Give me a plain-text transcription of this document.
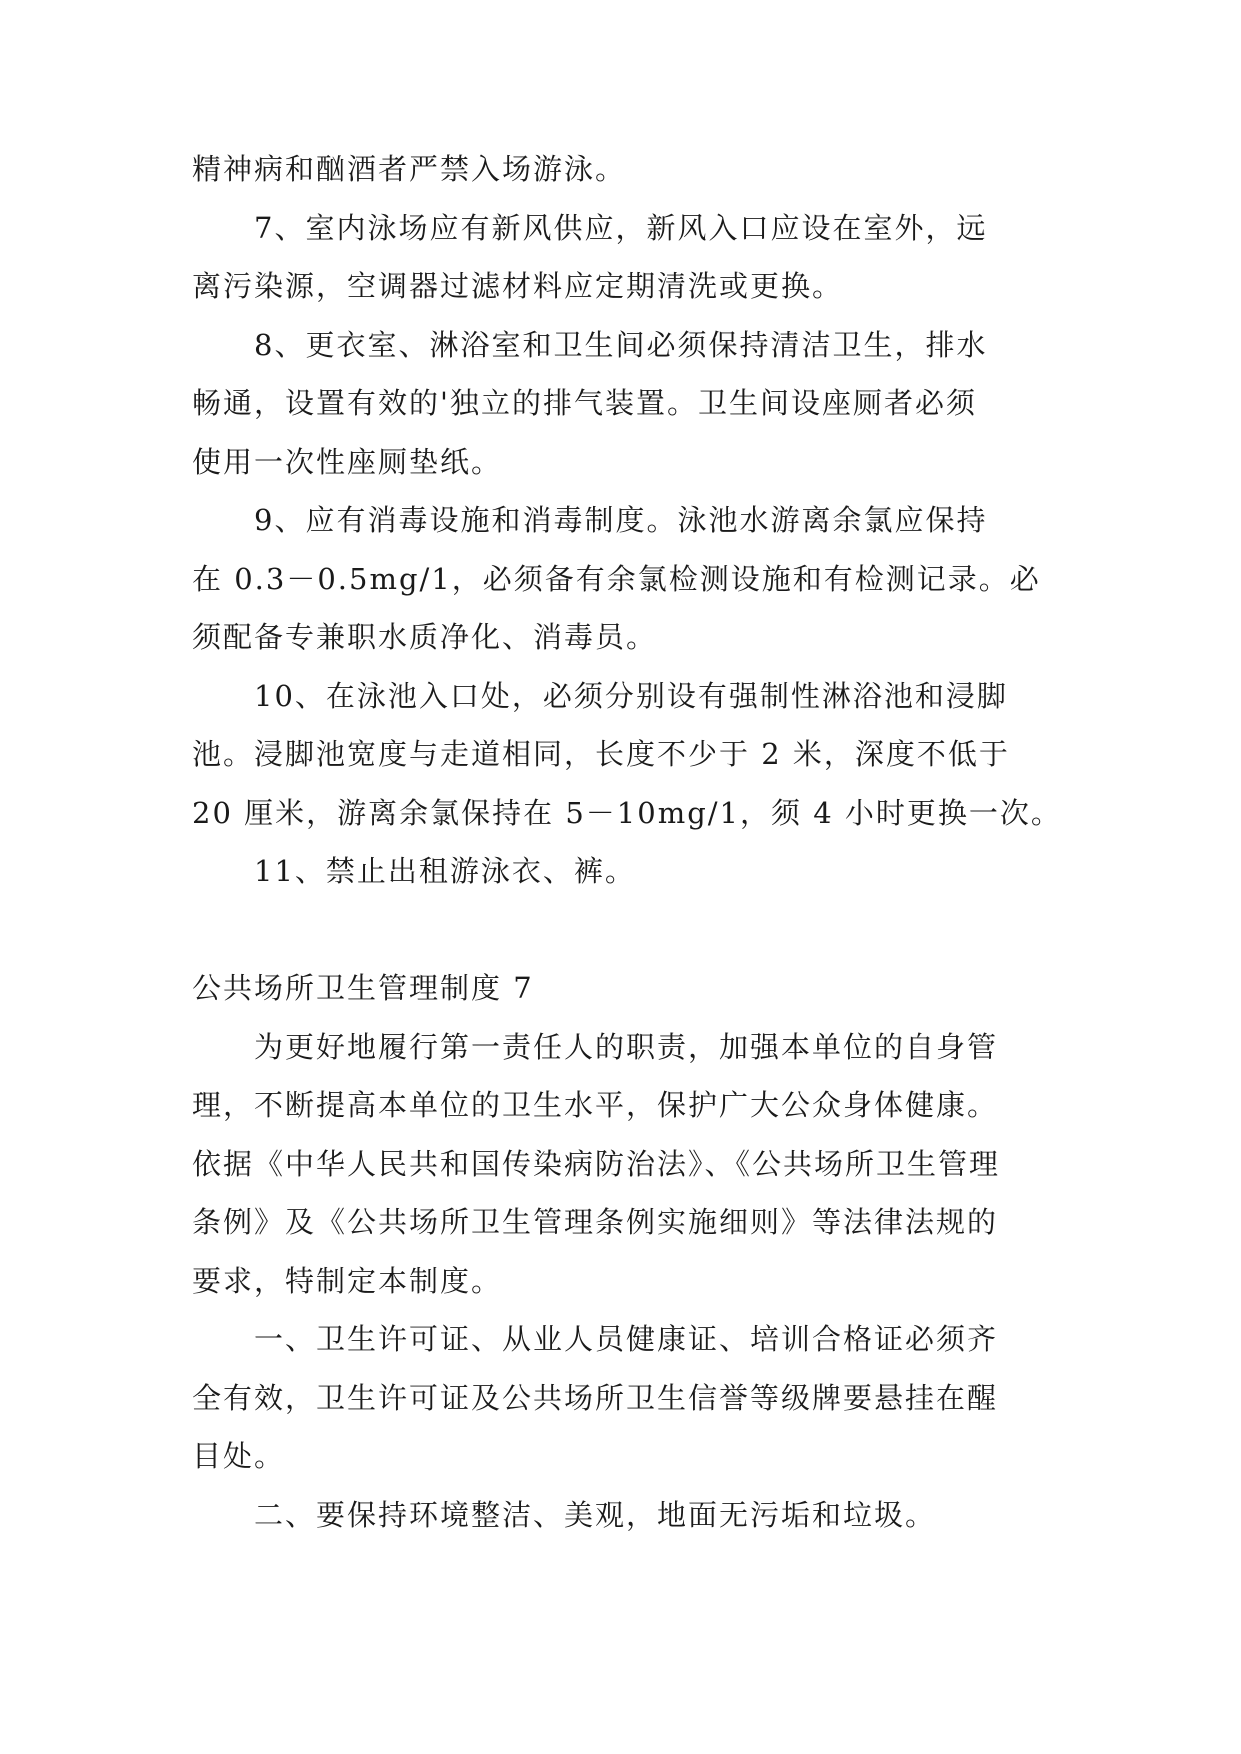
精神病和酗酒者严禁入场游泳。
7、室内泳场应有新风供应，新风入口应设在室外，远
离污染源，空调器过滤材料应定期清洗或更换。
8、更衣室、淋浴室和卫生间必须保持清洁卫生，排水
畅通，设置有效的'独立的排气装置。卫生间设座厕者必须
使用一次性座厕垫纸。
9、应有消毒设施和消毒制度。泳池水游离余氯应保持
在 0.3－0.5mg/1，必须备有余氯检测设施和有检测记录。必
须配备专兼职水质净化、消毒员。
10、在泳池入口处，必须分别设有强制性淋浴池和浸脚
池。浸脚池宽度与走道相同，长度不少于 2 米，深度不低于
20 厘米，游离余氯保持在 5－10mg/1，须 4 小时更换一次。
11、禁止出租游泳衣、裤。
公共场所卫生管理制度 7
为更好地履行第一责任人的职责，加强本单位的自身管
理，不断提高本单位的卫生水平，保护广大公众身体健康。
依据《中华人民共和国传染病防治法》、《公共场所卫生管理
条例》及《公共场所卫生管理条例实施细则》等法律法规的
要求，特制定本制度。
一、卫生许可证、从业人员健康证、培训合格证必须齐
全有效，卫生许可证及公共场所卫生信誉等级牌要悬挂在醒
目处。
二、要保持环境整洁、美观，地面无污垢和垃圾。
